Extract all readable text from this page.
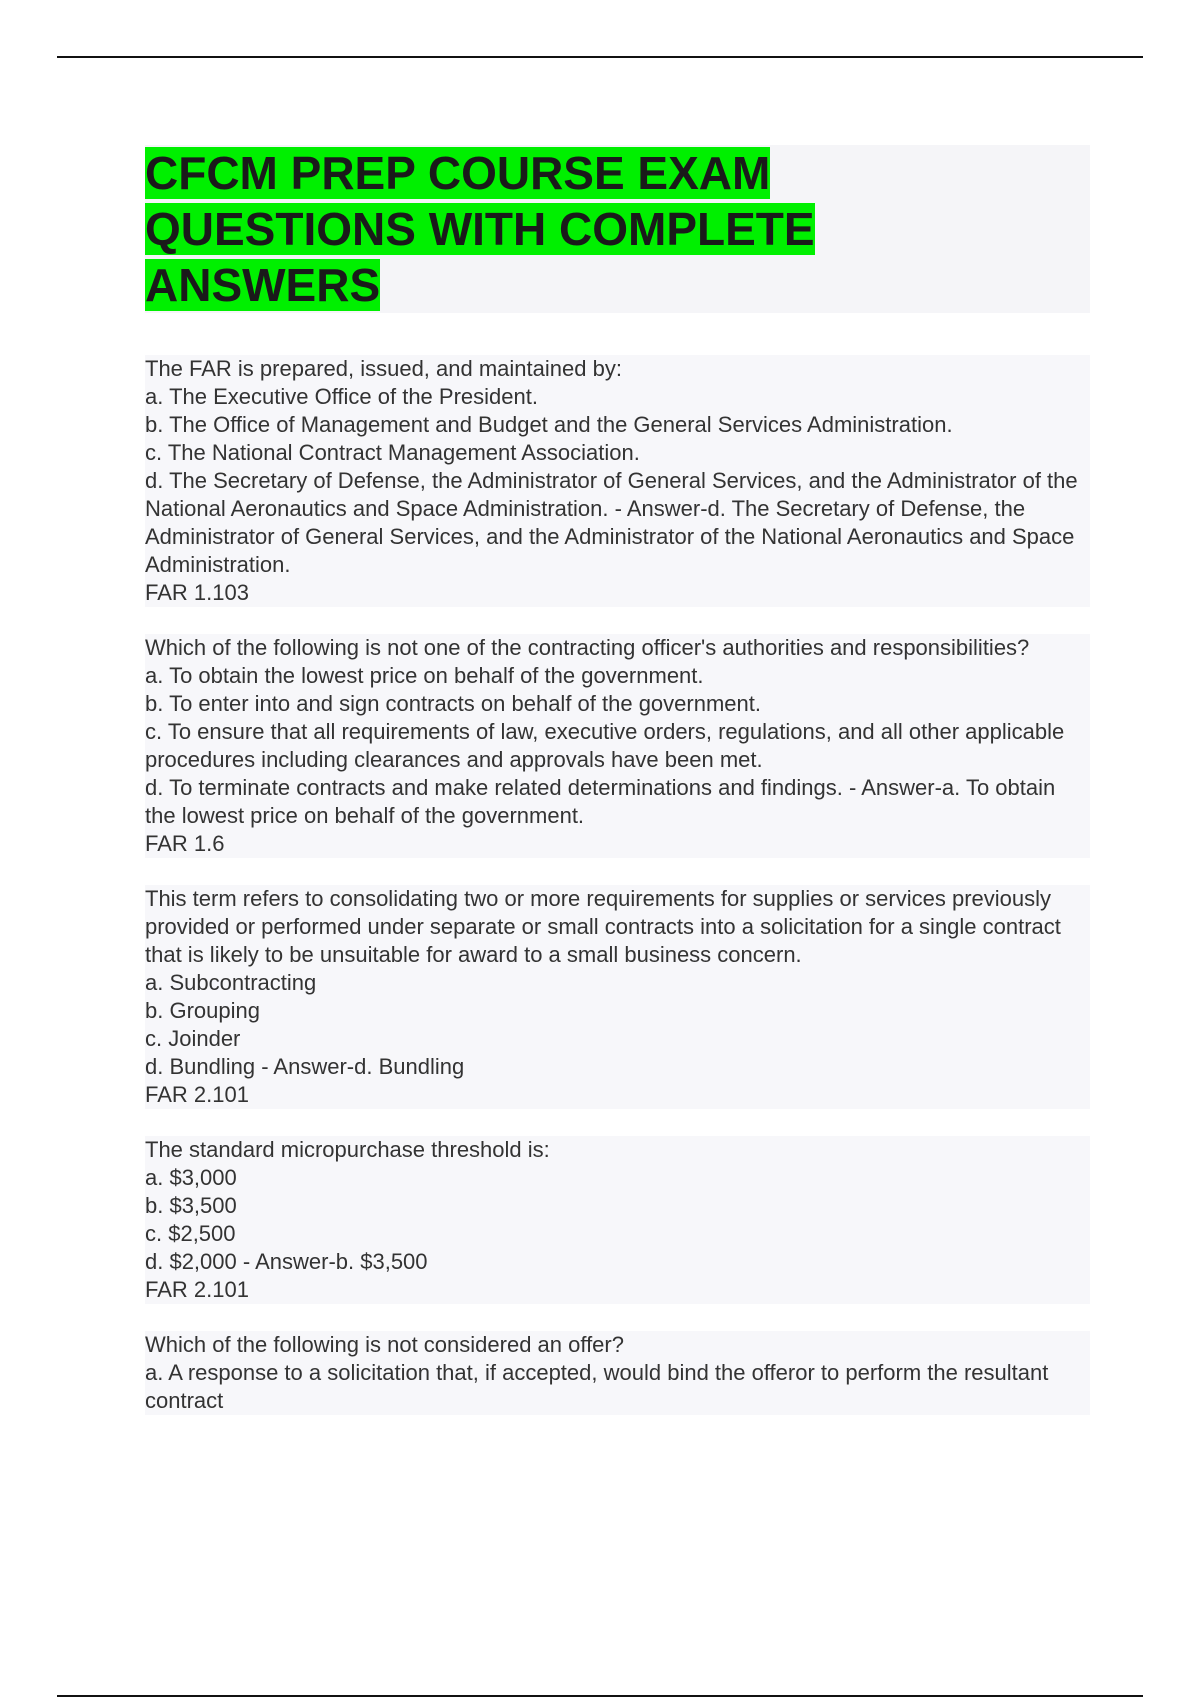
CFCM PREP COURSE EXAM
QUESTIONS WITH COMPLETE
ANSWERS

The FAR is prepared, issued, and maintained by:

a. The Executive Office of the President.

b. The Office of Management and Budget and the General Services Administration.

c. The National Contract Management Association.

d. The Secretary of Defense, the Administrator of General Services, and the Administrator of the National Aeronautics and Space Administration. - Answer-d. The Secretary of Defense, the Administrator of General Services, and the Administrator of the National Aeronautics and Space Administration.

FAR 1.103

Which of the following is not one of the contracting officer's authorities and responsibilities?

a. To obtain the lowest price on behalf of the government.

b. To enter into and sign contracts on behalf of the government.

c. To ensure that all requirements of law, executive orders, regulations, and all other applicable procedures including clearances and approvals have been met.

d. To terminate contracts and make related determinations and findings. - Answer-a. To obtain the lowest price on behalf of the government.

FAR 1.6

This term refers to consolidating two or more requirements for supplies or services previously provided or performed under separate or small contracts into a solicitation for a single contract that is likely to be unsuitable for award to a small business concern.

a. Subcontracting

b. Grouping

c. Joinder

d. Bundling - Answer-d. Bundling

FAR 2.101

The standard micropurchase threshold is:

a. $3,000

b. $3,500

c. $2,500

d. $2,000 - Answer-b. $3,500

FAR 2.101

Which of the following is not considered an offer?

a. A response to a solicitation that, if accepted, would bind the offeror to perform the resultant contract
